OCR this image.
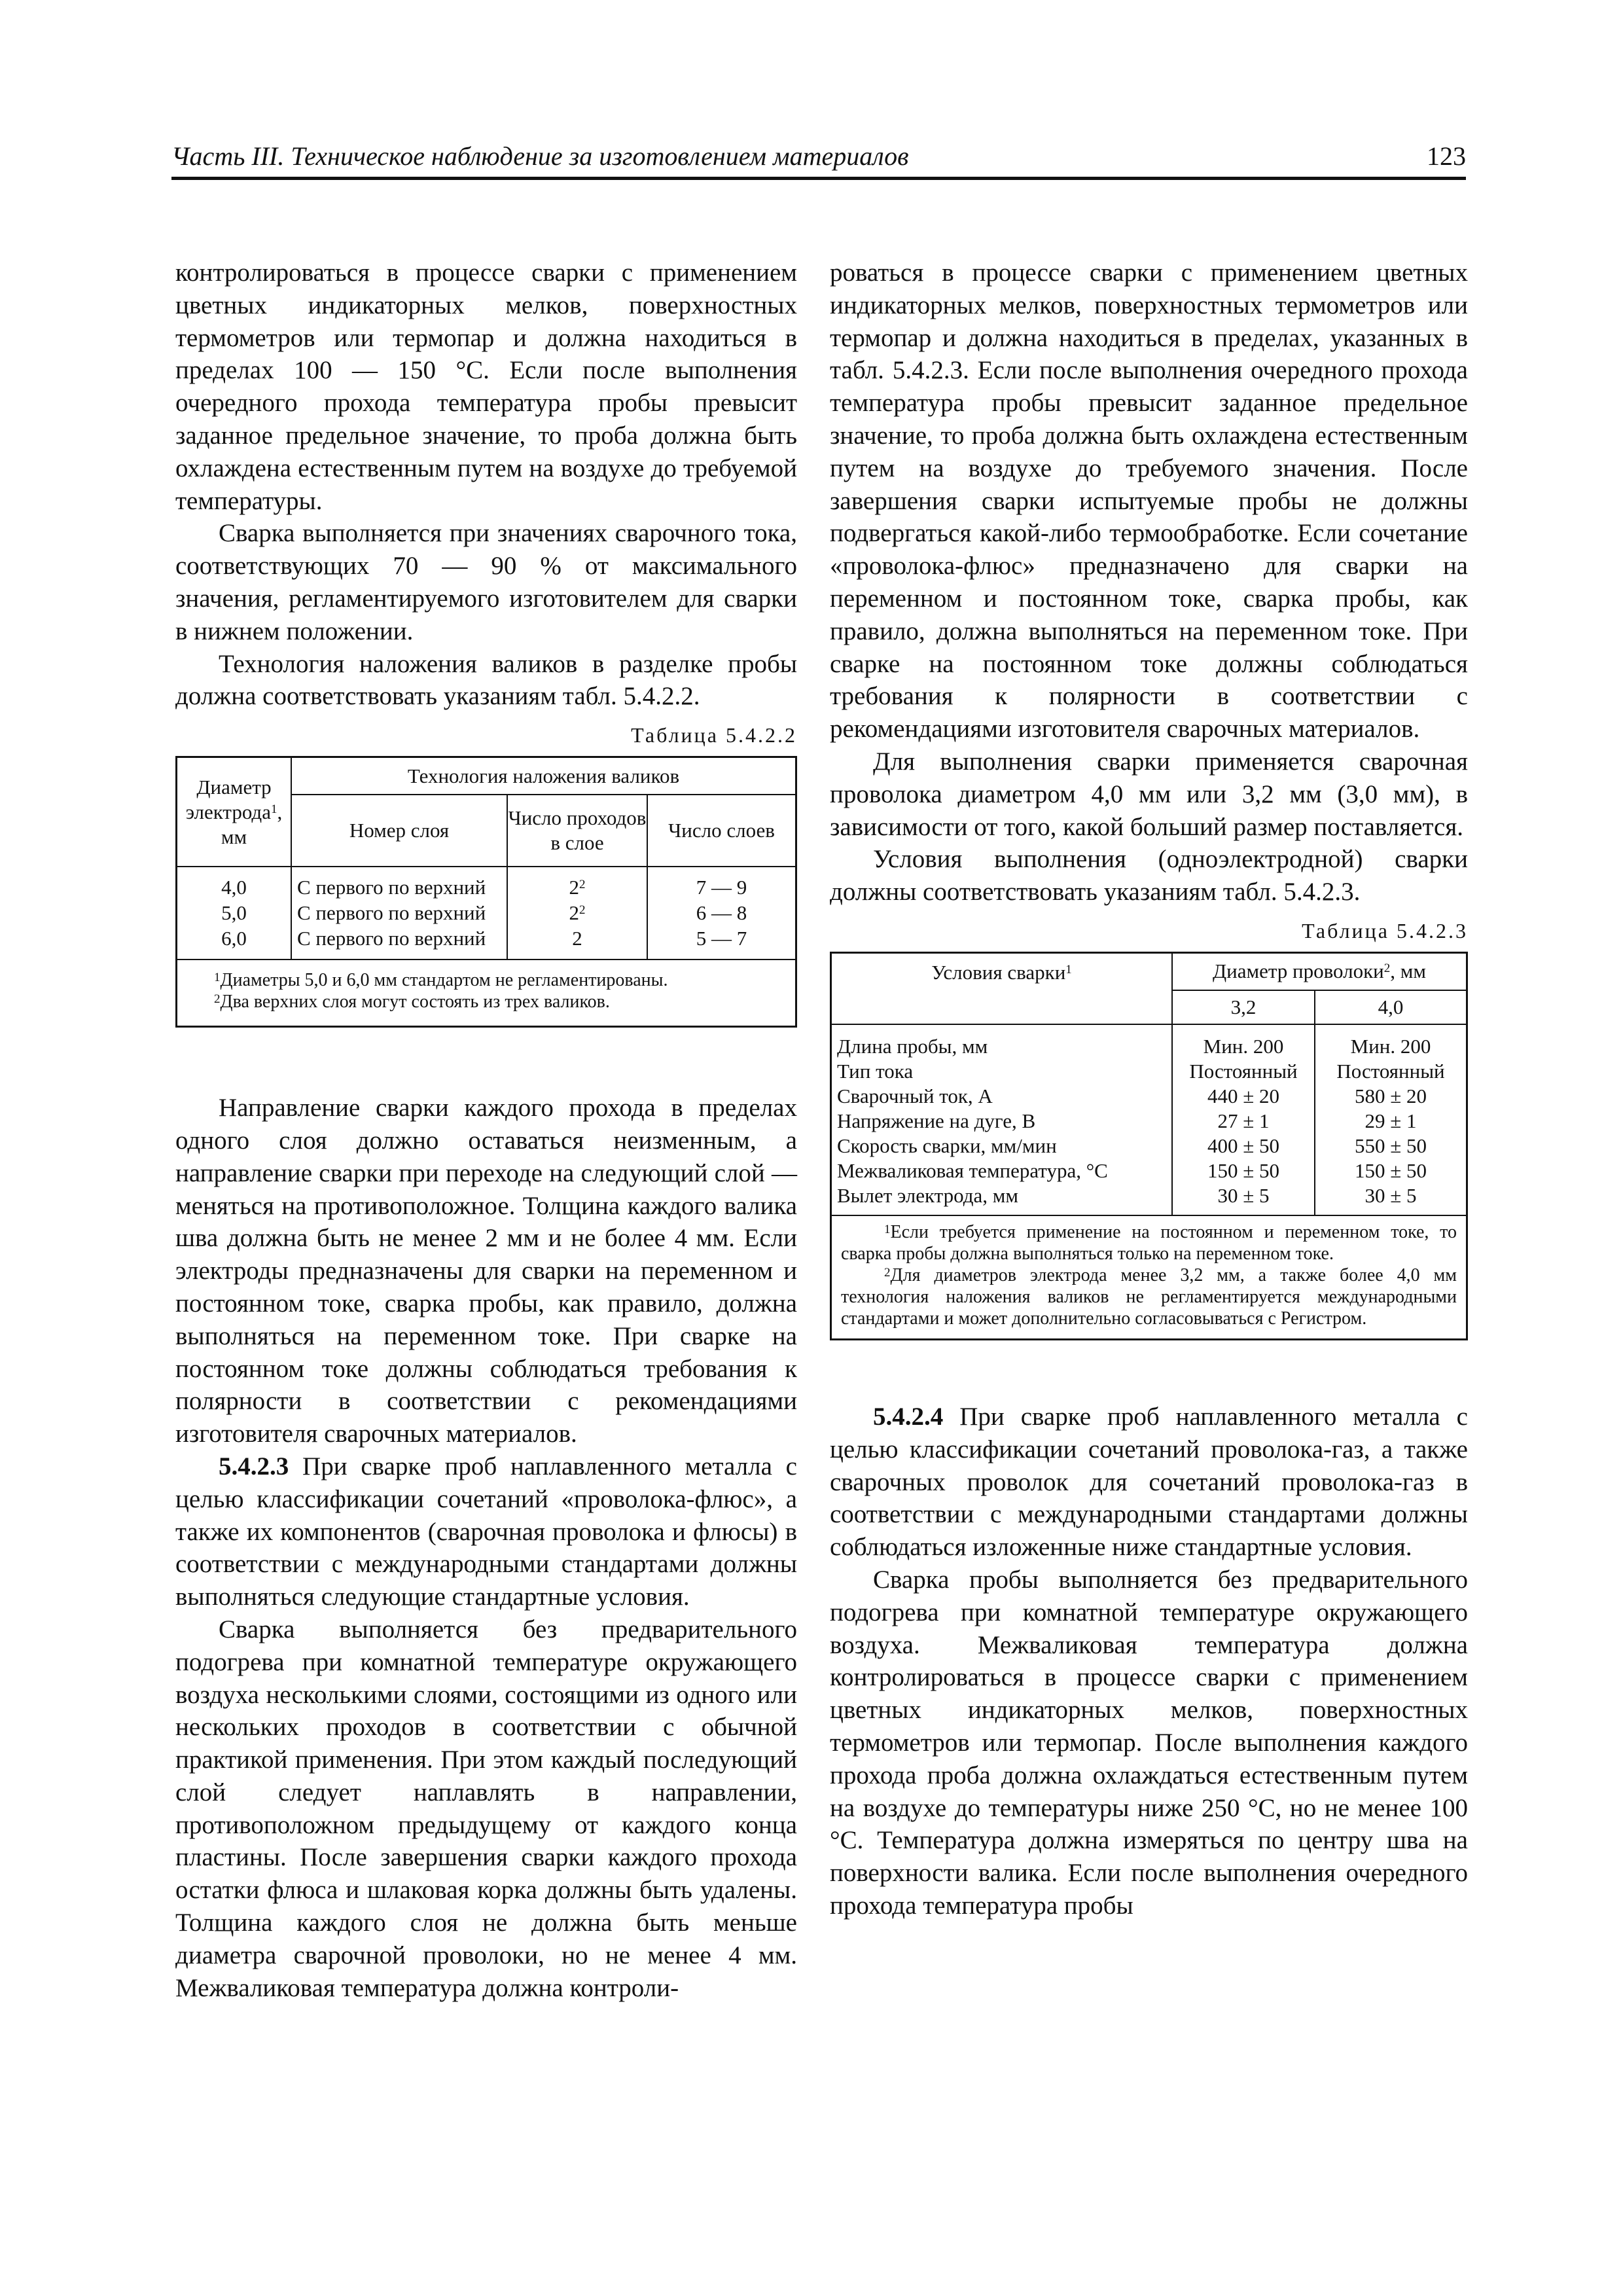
Часть III. Техническое наблюдение за изготовлением материалов	123

контролироваться в процессе сварки с применением цветных индикаторных мелков, поверхностных термометров или термопар и должна находиться в пределах 100 — 150 °С. Если после выполнения очередного прохода температура пробы превысит заданное предельное значение, то проба должна быть охлаждена естественным путем на воздухе до требуемой температуры.

Сварка выполняется при значениях сварочного тока, соответствующих 70 — 90 % от максимального значения, регламентируемого изготовителем для сварки в нижнем положении.

Технология наложения валиков в разделке пробы должна соответствовать указаниям табл. 5.4.2.2.

Таблица 5.4.2.2
Диаметр электрода$^1$, мм	Технология наложения валиков		
	Номер слоя	Число проходов в слое	Число слоев
4,0	С первого по верхний	$2^2$	7 — 9
5,0	С первого по верхний	$2^2$	6 — 8
6,0	С первого по верхний	2	5 — 7
$^1$Диаметры 5,0 и 6,0 мм стандартом не регламентированы.
$^2$Два верхних слоя могут состоять из трех валиков.

Направление сварки каждого прохода в пределах одного слоя должно оставаться неизменным, а направление сварки при переходе на следующий слой — меняться на противоположное. Толщина каждого валика шва должна быть не менее 2 мм и не более 4 мм. Если электроды предназначены для сварки на переменном и постоянном токе, сварка пробы, как правило, должна выполняться на переменном токе. При сварке на постоянном токе должны соблюдаться требования к полярности в соответствии с рекомендациями изготовителя сварочных материалов.

5.4.2.3 При сварке проб наплавленного металла с целью классификации сочетаний «проволока-флюс», а также их компонентов (сварочная проволока и флюсы) в соответствии с международными стандартами должны выполняться следующие стандартные условия.

Сварка выполняется без предварительного подогрева при комнатной температуре окружающего воздуха несколькими слоями, состоящими из одного или нескольких проходов в соответствии с обычной практикой применения. При этом каждый последующий слой следует наплавлять в направлении, противоположном предыдущему от каждого конца пластины. После завершения сварки каждого прохода остатки флюса и шлаковая корка должны быть удалены. Толщина каждого слоя не должна быть меньше диаметра сварочной проволоки, но не менее 4 мм. Межваликовая температура должна контроли-

роваться в процессе сварки с применением цветных индикаторных мелков, поверхностных термометров или термопар и должна находиться в пределах, указанных в табл. 5.4.2.3. Если после выполнения очередного прохода температура пробы превысит заданное предельное значение, то проба должна быть охлаждена естественным путем на воздухе до требуемого значения. После завершения сварки испытуемые пробы не должны подвергаться какой-либо термообработке. Если сочетание «проволока-флюс» предназначено для сварки на переменном и постоянном токе, сварка пробы, как правило, должна выполняться на переменном токе. При сварке на постоянном токе должны соблюдаться требования к полярности в соответствии с рекомендациями изготовителя сварочных материалов.

Для выполнения сварки применяется сварочная проволока диаметром 4,0 мм или 3,2 мм (3,0 мм), в зависимости от того, какой больший размер поставляется.

Условия выполнения (одноэлектродной) сварки должны соответствовать указаниям табл. 5.4.2.3.

Таблица 5.4.2.3
Условия сварки$^1$	Диаметр проволоки$^2$, мм	
	3,2	4,0
Длина пробы, мм	Мин. 200	Мин. 200
Тип тока	Постоянный	Постоянный
Сварочный ток, А	440 ± 20	580 ± 20
Напряжение на дуге, В	27 ± 1	29 ± 1
Скорость сварки, мм/мин	400 ± 50	550 ± 50
Межваликовая температура, °С	150 ± 50	150 ± 50
Вылет электрода, мм	30 ± 5	30 ± 5

$^1$Если требуется применение на постоянном и переменном токе, то сварка пробы должна выполняться только на переменном токе.

$^2$Для диаметров электрода менее 3,2 мм, а также более 4,0 мм технология наложения валиков не регламентируется международными стандартами и может дополнительно согласовываться с Регистром.

5.4.2.4 При сварке проб наплавленного металла с целью классификации сочетаний проволока-газ, а также сварочных проволок для сочетаний проволока-газ в соответствии с международными стандартами должны соблюдаться изложенные ниже стандартные условия.

Сварка пробы выполняется без предварительного подогрева при комнатной температуре окружающего воздуха. Межваликовая температура должна контролироваться в процессе сварки с применением цветных индикаторных мелков, поверхностных термометров или термопар. После выполнения каждого прохода проба должна охлаждаться естественным путем на воздухе до температуры ниже 250 °С, но не менее 100 °С. Температура должна измеряться по центру шва на поверхности валика. Если после выполнения очередного прохода температура пробы
